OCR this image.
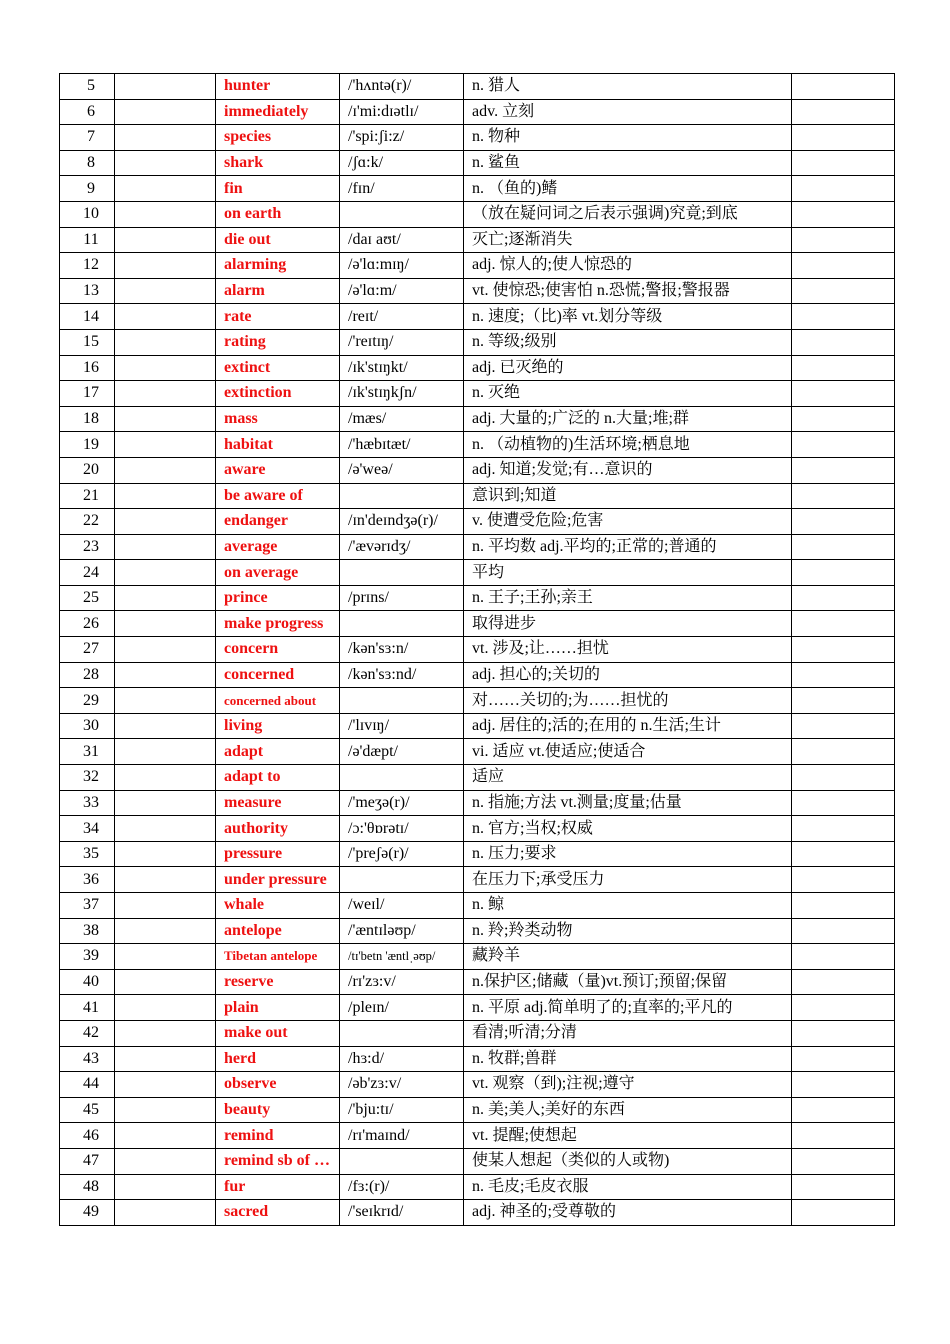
5		hunter	/'hʌntə(r)/	n. 猎人	
6		immediately	/ɪ'mi:dɪətlɪ/	adv. 立刻	
7		species	/'spi:ʃi:z/	n. 物种	
8		shark	/ʃɑ:k/	n. 鲨鱼	
9		fin	/fɪn/	n. （鱼的)鳍	
10		on earth		（放在疑问词之后表示强调)究竟;到底	
11		die out	/daɪ aʊt/	灭亡;逐渐消失	
12		alarming	/ə'lɑ:mɪŋ/	adj. 惊人的;使人惊恐的	
13		alarm	/ə'lɑ:m/	vt. 使惊恐;使害怕 n.恐慌;警报;警报器	
14		rate	/reɪt/	n. 速度;（比)率 vt.划分等级	
15		rating	/'reɪtɪŋ/	n. 等级;级别	
16		extinct	/ɪk'stɪŋkt/	adj. 已灭绝的	
17		extinction	/ɪk'stɪŋkʃn/	n. 灭绝	
18		mass	/mæs/	adj. 大量的;广泛的 n.大量;堆;群	
19		habitat	/'hæbɪtæt/	n. （动植物的)生活环境;栖息地	
20		aware	/ə'weə/	adj. 知道;发觉;有…意识的	
21		be aware of		意识到;知道	
22		endanger	/ɪn'deɪndʒə(r)/	v. 使遭受危险;危害	
23		average	/'ævərɪdʒ/	n. 平均数 adj.平均的;正常的;普通的	
24		on average		平均	
25		prince	/prɪns/	n. 王子;王孙;亲王	
26		make progress		取得进步	
27		concern	/kən'sɜ:n/	vt. 涉及;让……担忧	
28		concerned	/kən'sɜ:nd/	adj. 担心的;关切的	
29		concerned about		对……关切的;为……担忧的	
30		living	/'lɪvɪŋ/	adj. 居住的;活的;在用的 n.生活;生计	
31		adapt	/ə'dæpt/	vi. 适应 vt.使适应;使适合	
32		adapt to		适应	
33		measure	/'meʒə(r)/	n. 指施;方法 vt.测量;度量;估量	
34		authority	/ɔ:'θɒrətɪ/	n. 官方;当权;权威	
35		pressure	/'preʃə(r)/	n. 压力;要求	
36		under pressure		在压力下;承受压力	
37		whale	/weɪl/	n. 鲸	
38		antelope	/'æntɪləʊp/	n. 羚;羚类动物	
39		Tibetan antelope	/tɪ'betn 'æntlˌəʊp/	藏羚羊	
40		reserve	/rɪ'zɜ:v/	n.保护区;储藏（量)vt.预订;预留;保留	
41		plain	/pleɪn/	n. 平原 adj.简单明了的;直率的;平凡的	
42		make out		看清;听清;分清	
43		herd	/hɜ:d/	n. 牧群;兽群	
44		observe	/əb'zɜ:v/	vt. 观察（到);注视;遵守	
45		beauty	/'bju:tɪ/	n. 美;美人;美好的东西	
46		remind	/rɪ'maɪnd/	vt. 提醒;使想起	
47		remind sb of …		使某人想起（类似的人或物)	
48		fur	/fɜ:(r)/	n. 毛皮;毛皮衣服	
49		sacred	/'seɪkrɪd/	adj. 神圣的;受尊敬的	
